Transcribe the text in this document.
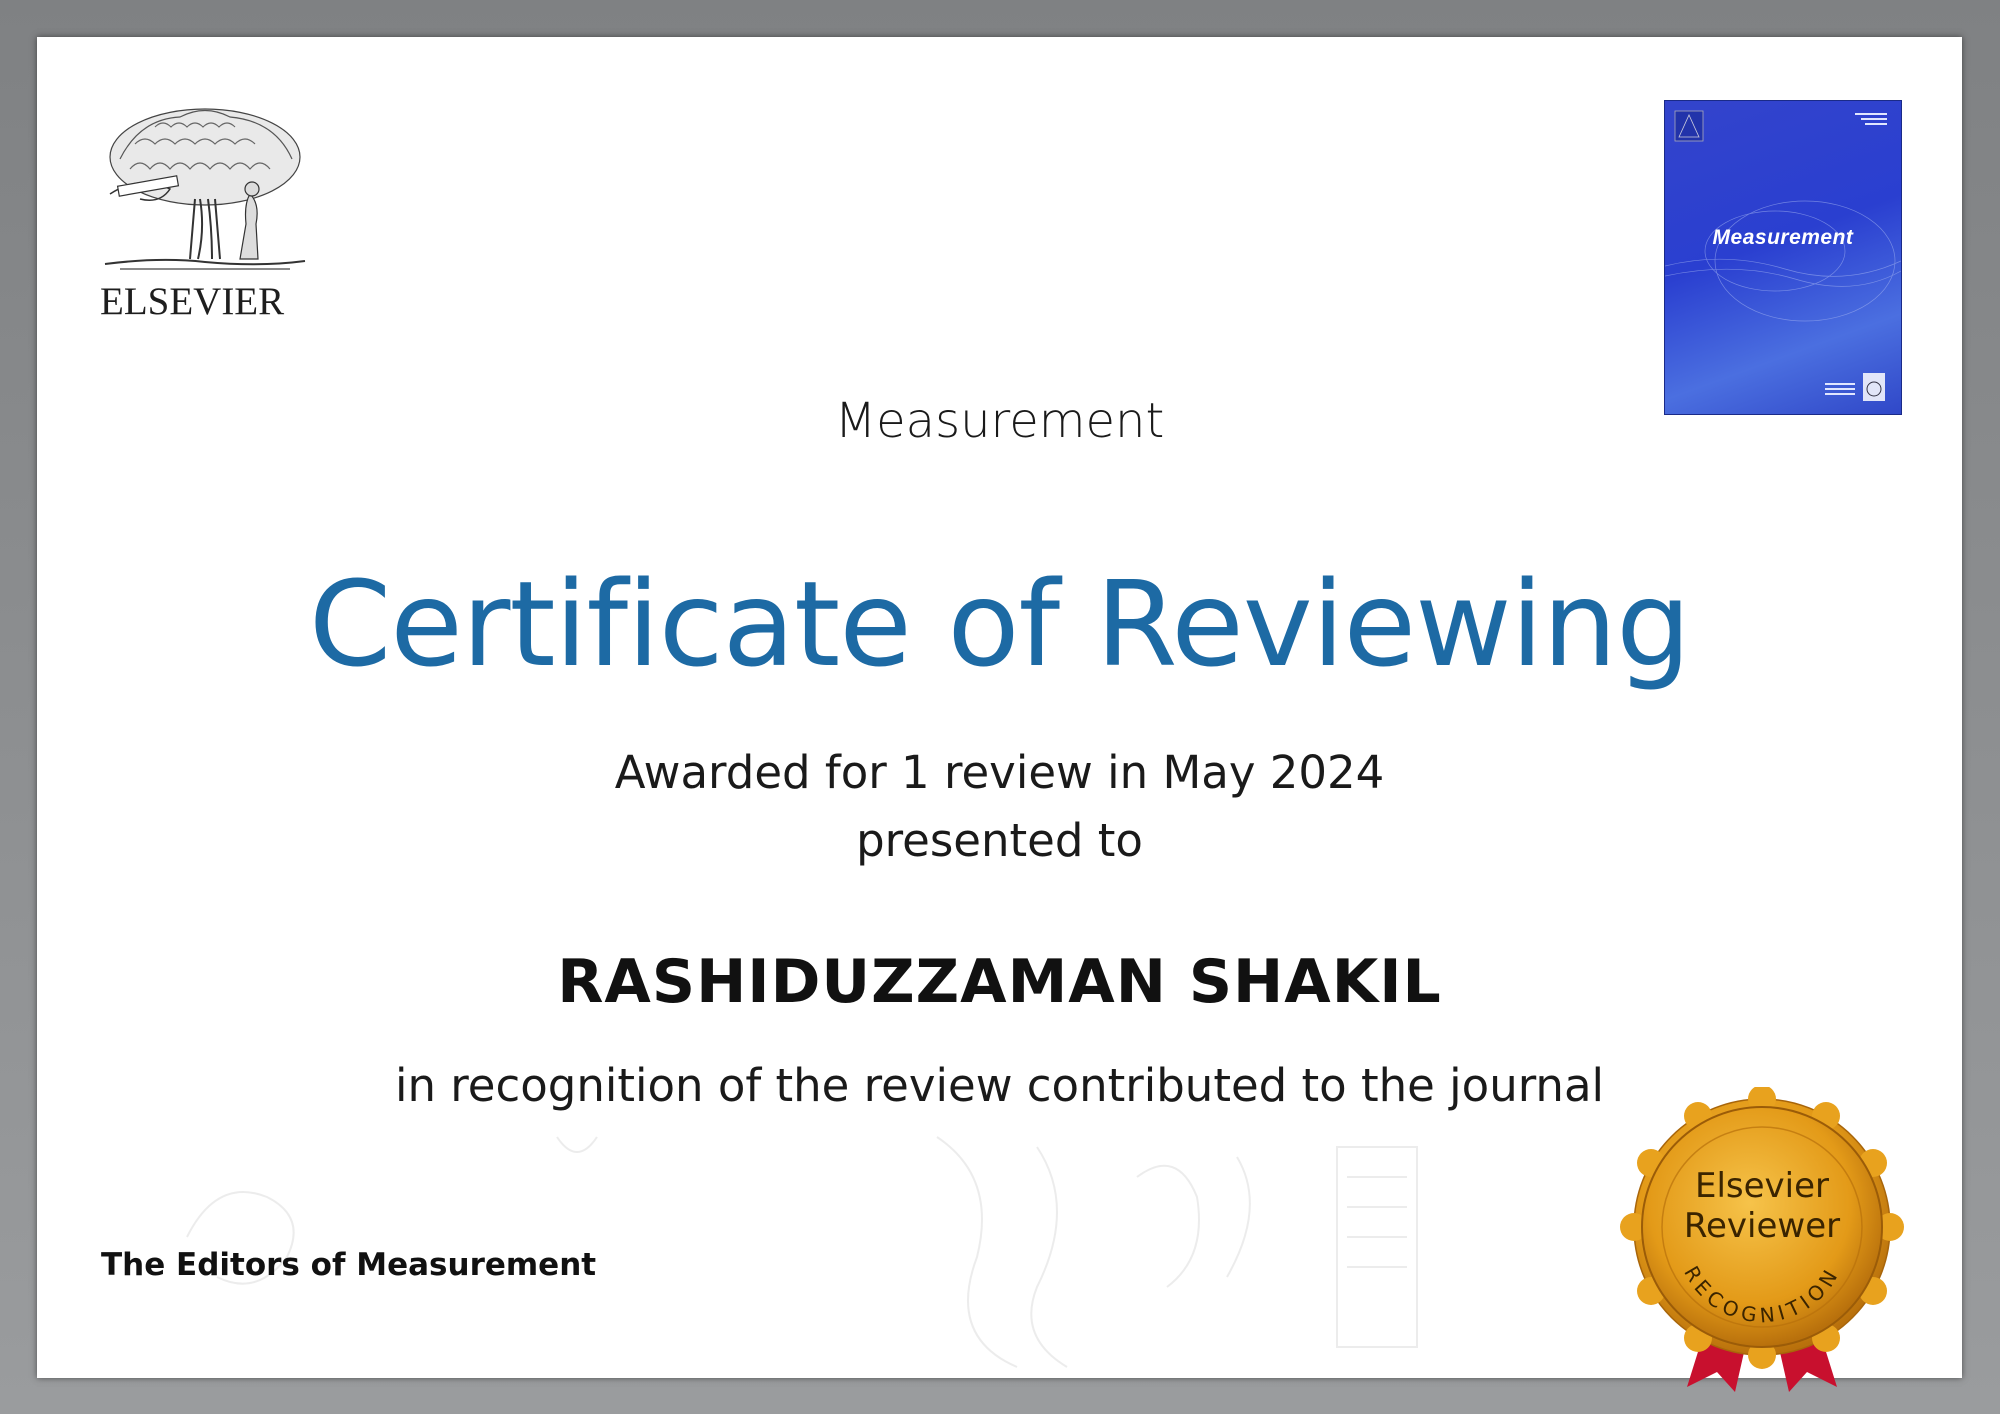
ELSEVIER
Measurement
Measurement
Certificate of Reviewing
Awarded for 1 review in May 2024
presented to
RASHIDUZZAMAN SHAKIL
in recognition of the review contributed to the journal
The Editors of Measurement
Elsevier
Reviewer
RECOGNITION
